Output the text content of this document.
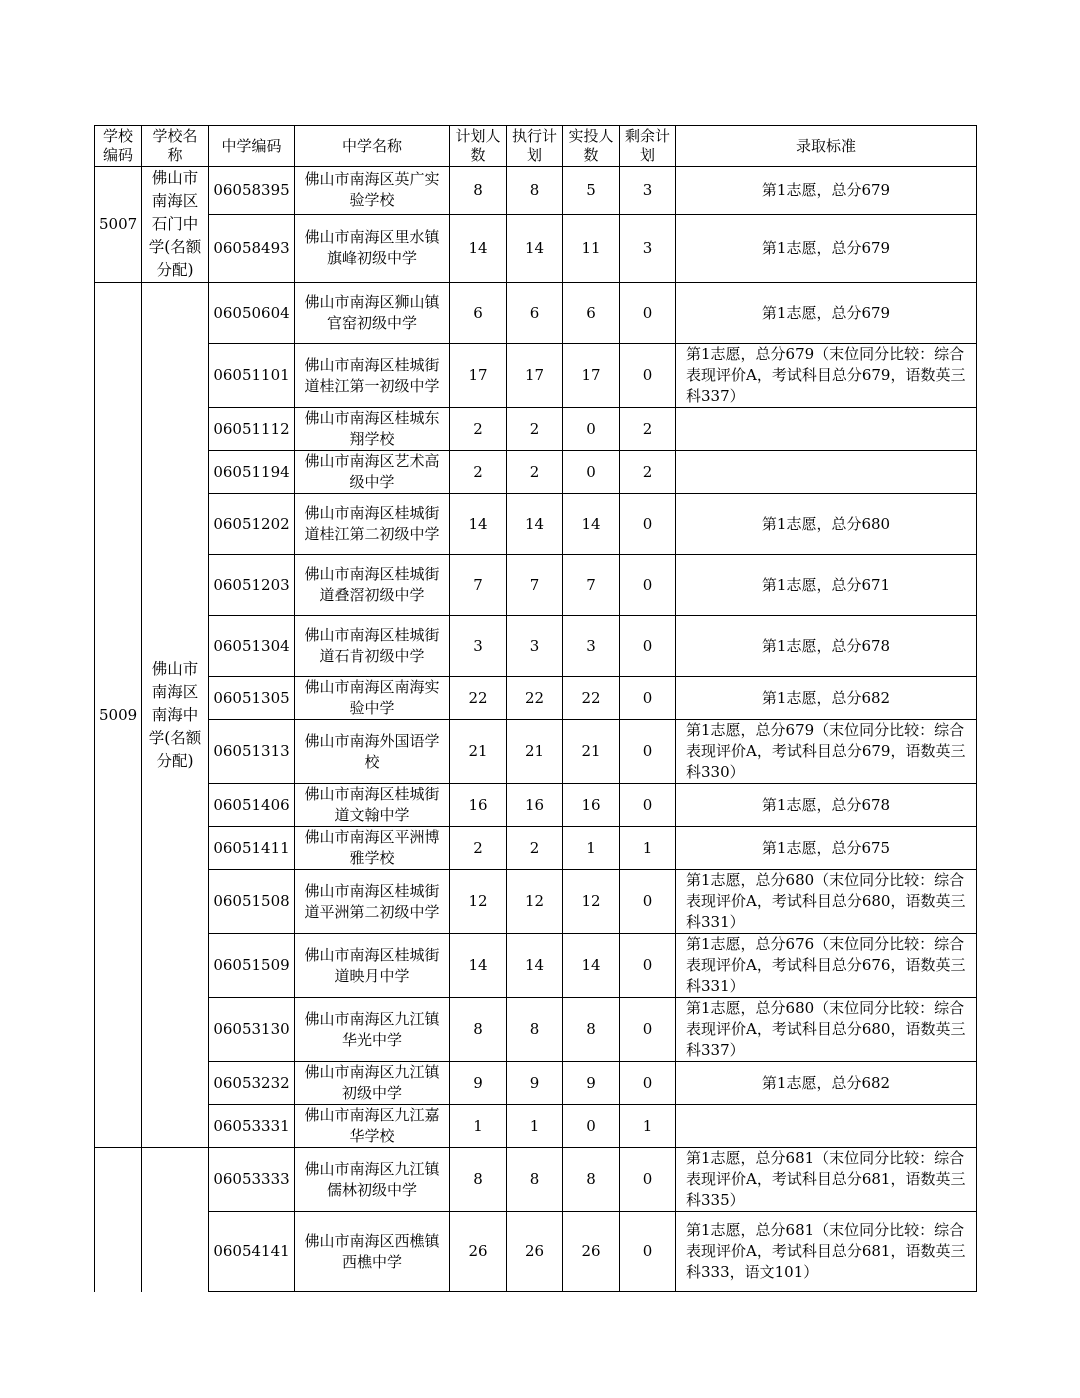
学校编码	学校名称	中学编码	中学名称	计划人数	执行计划	实投人数	剩余计划	录取标准
5007	佛山市南海区石门中学(名额分配)	06058395	佛山市南海区英广实验学校	8	8	5	3	第1志愿，总分679
		06058493	佛山市南海区里水镇旗峰初级中学	14	14	11	3	第1志愿，总分679
5009	佛山市南海区南海中学(名额分配)	06050604	佛山市南海区狮山镇官窑初级中学	6	6	6	0	第1志愿，总分679
		06051101	佛山市南海区桂城街道桂江第一初级中学	17	17	17	0	第1志愿，总分679（末位同分比较：综合表现评价A，考试科目总分679，语数英三科337）
		06051112	佛山市南海区桂城东翔学校	2	2	0	2	
		06051194	佛山市南海区艺术高级中学	2	2	0	2	
		06051202	佛山市南海区桂城街道桂江第二初级中学	14	14	14	0	第1志愿，总分680
		06051203	佛山市南海区桂城街道叠滘初级中学	7	7	7	0	第1志愿，总分671
		06051304	佛山市南海区桂城街道石肯初级中学	3	3	3	0	第1志愿，总分678
		06051305	佛山市南海区南海实验中学	22	22	22	0	第1志愿，总分682
		06051313	佛山市南海外国语学校	21	21	21	0	第1志愿，总分679（末位同分比较：综合表现评价A，考试科目总分679，语数英三科330）
		06051406	佛山市南海区桂城街道文翰中学	16	16	16	0	第1志愿，总分678
		06051411	佛山市南海区平洲博雅学校	2	2	1	1	第1志愿，总分675
		06051508	佛山市南海区桂城街道平洲第二初级中学	12	12	12	0	第1志愿，总分680（末位同分比较：综合表现评价A，考试科目总分680，语数英三科331）
		06051509	佛山市南海区桂城街道映月中学	14	14	14	0	第1志愿，总分676（末位同分比较：综合表现评价A，考试科目总分676，语数英三科331）
		06053130	佛山市南海区九江镇华光中学	8	8	8	0	第1志愿，总分680（末位同分比较：综合表现评价A，考试科目总分680，语数英三科337）
		06053232	佛山市南海区九江镇初级中学	9	9	9	0	第1志愿，总分682
		06053331	佛山市南海区九江嘉华学校	1	1	0	1	
		06053333	佛山市南海区九江镇儒林初级中学	8	8	8	0	第1志愿，总分681（末位同分比较：综合表现评价A，考试科目总分681，语数英三科335）
		06054141	佛山市南海区西樵镇西樵中学	26	26	26	0	第1志愿，总分681（末位同分比较：综合表现评价A，考试科目总分681，语数英三科333，语文101）
